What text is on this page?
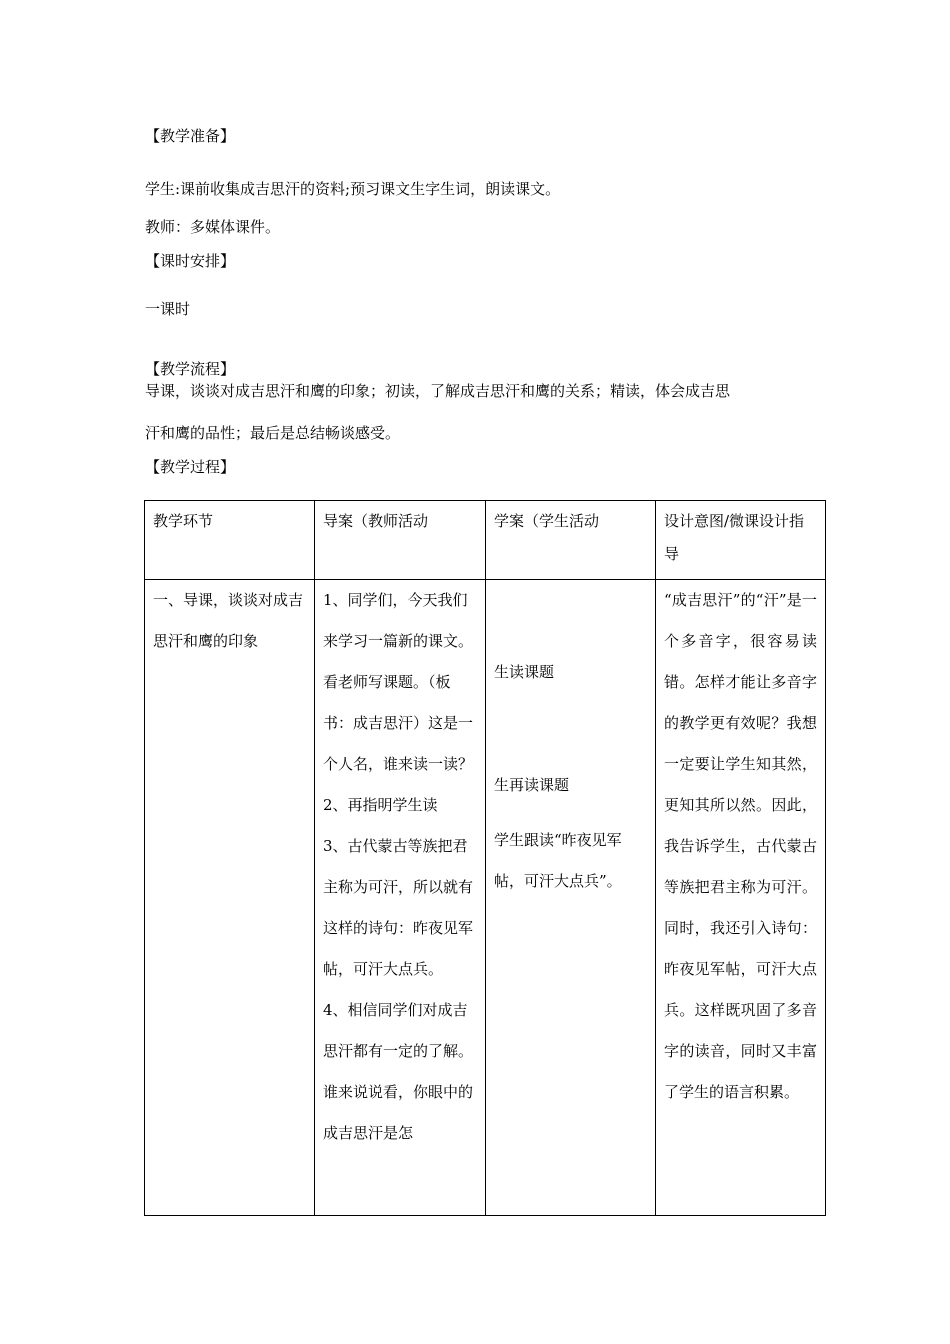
【教学准备】
学生:课前收集成吉思汗的资料;预习课文生字生词，朗读课文。
教师：多媒体课件。
【课时安排】
一课时
【教学流程】
导课，谈谈对成吉思汗和鹰的印象；初读，了解成吉思汗和鹰的关系；精读，体会成吉思
汗和鹰的品性；最后是总结畅谈感受。
【教学过程】
教学环节	导案（教师活动	学案（学生活动	设计意图/微课设计指导

一、导课，谈谈对成吉思汗和鹰的印象	1、同学们，今天我们来学习一篇新的课文。看老师写课题。（板书：成吉思汗）这是一个人名，谁来读一读？
2、再指明学生读
3、古代蒙古等族把君主称为可汗，所以就有这样的诗句：昨夜见军帖，可汗大点兵。
4、相信同学们对成吉思汗都有一定的了解。谁来说说看，你眼中的成吉思汗是怎	生读课题
生再读课题
学生跟读“昨夜见军帖，可汗大点兵”。	“成吉思汗”的“汗”是一个多音字，很容易读错。怎样才能让多音字的教学更有效呢？我想一定要让学生知其然，更知其所以然。因此，我告诉学生，古代蒙古等族把君主称为可汗。同时，我还引入诗句：昨夜见军帖，可汗大点兵。这样既巩固了多音字的读音，同时又丰富了学生的语言积累。
